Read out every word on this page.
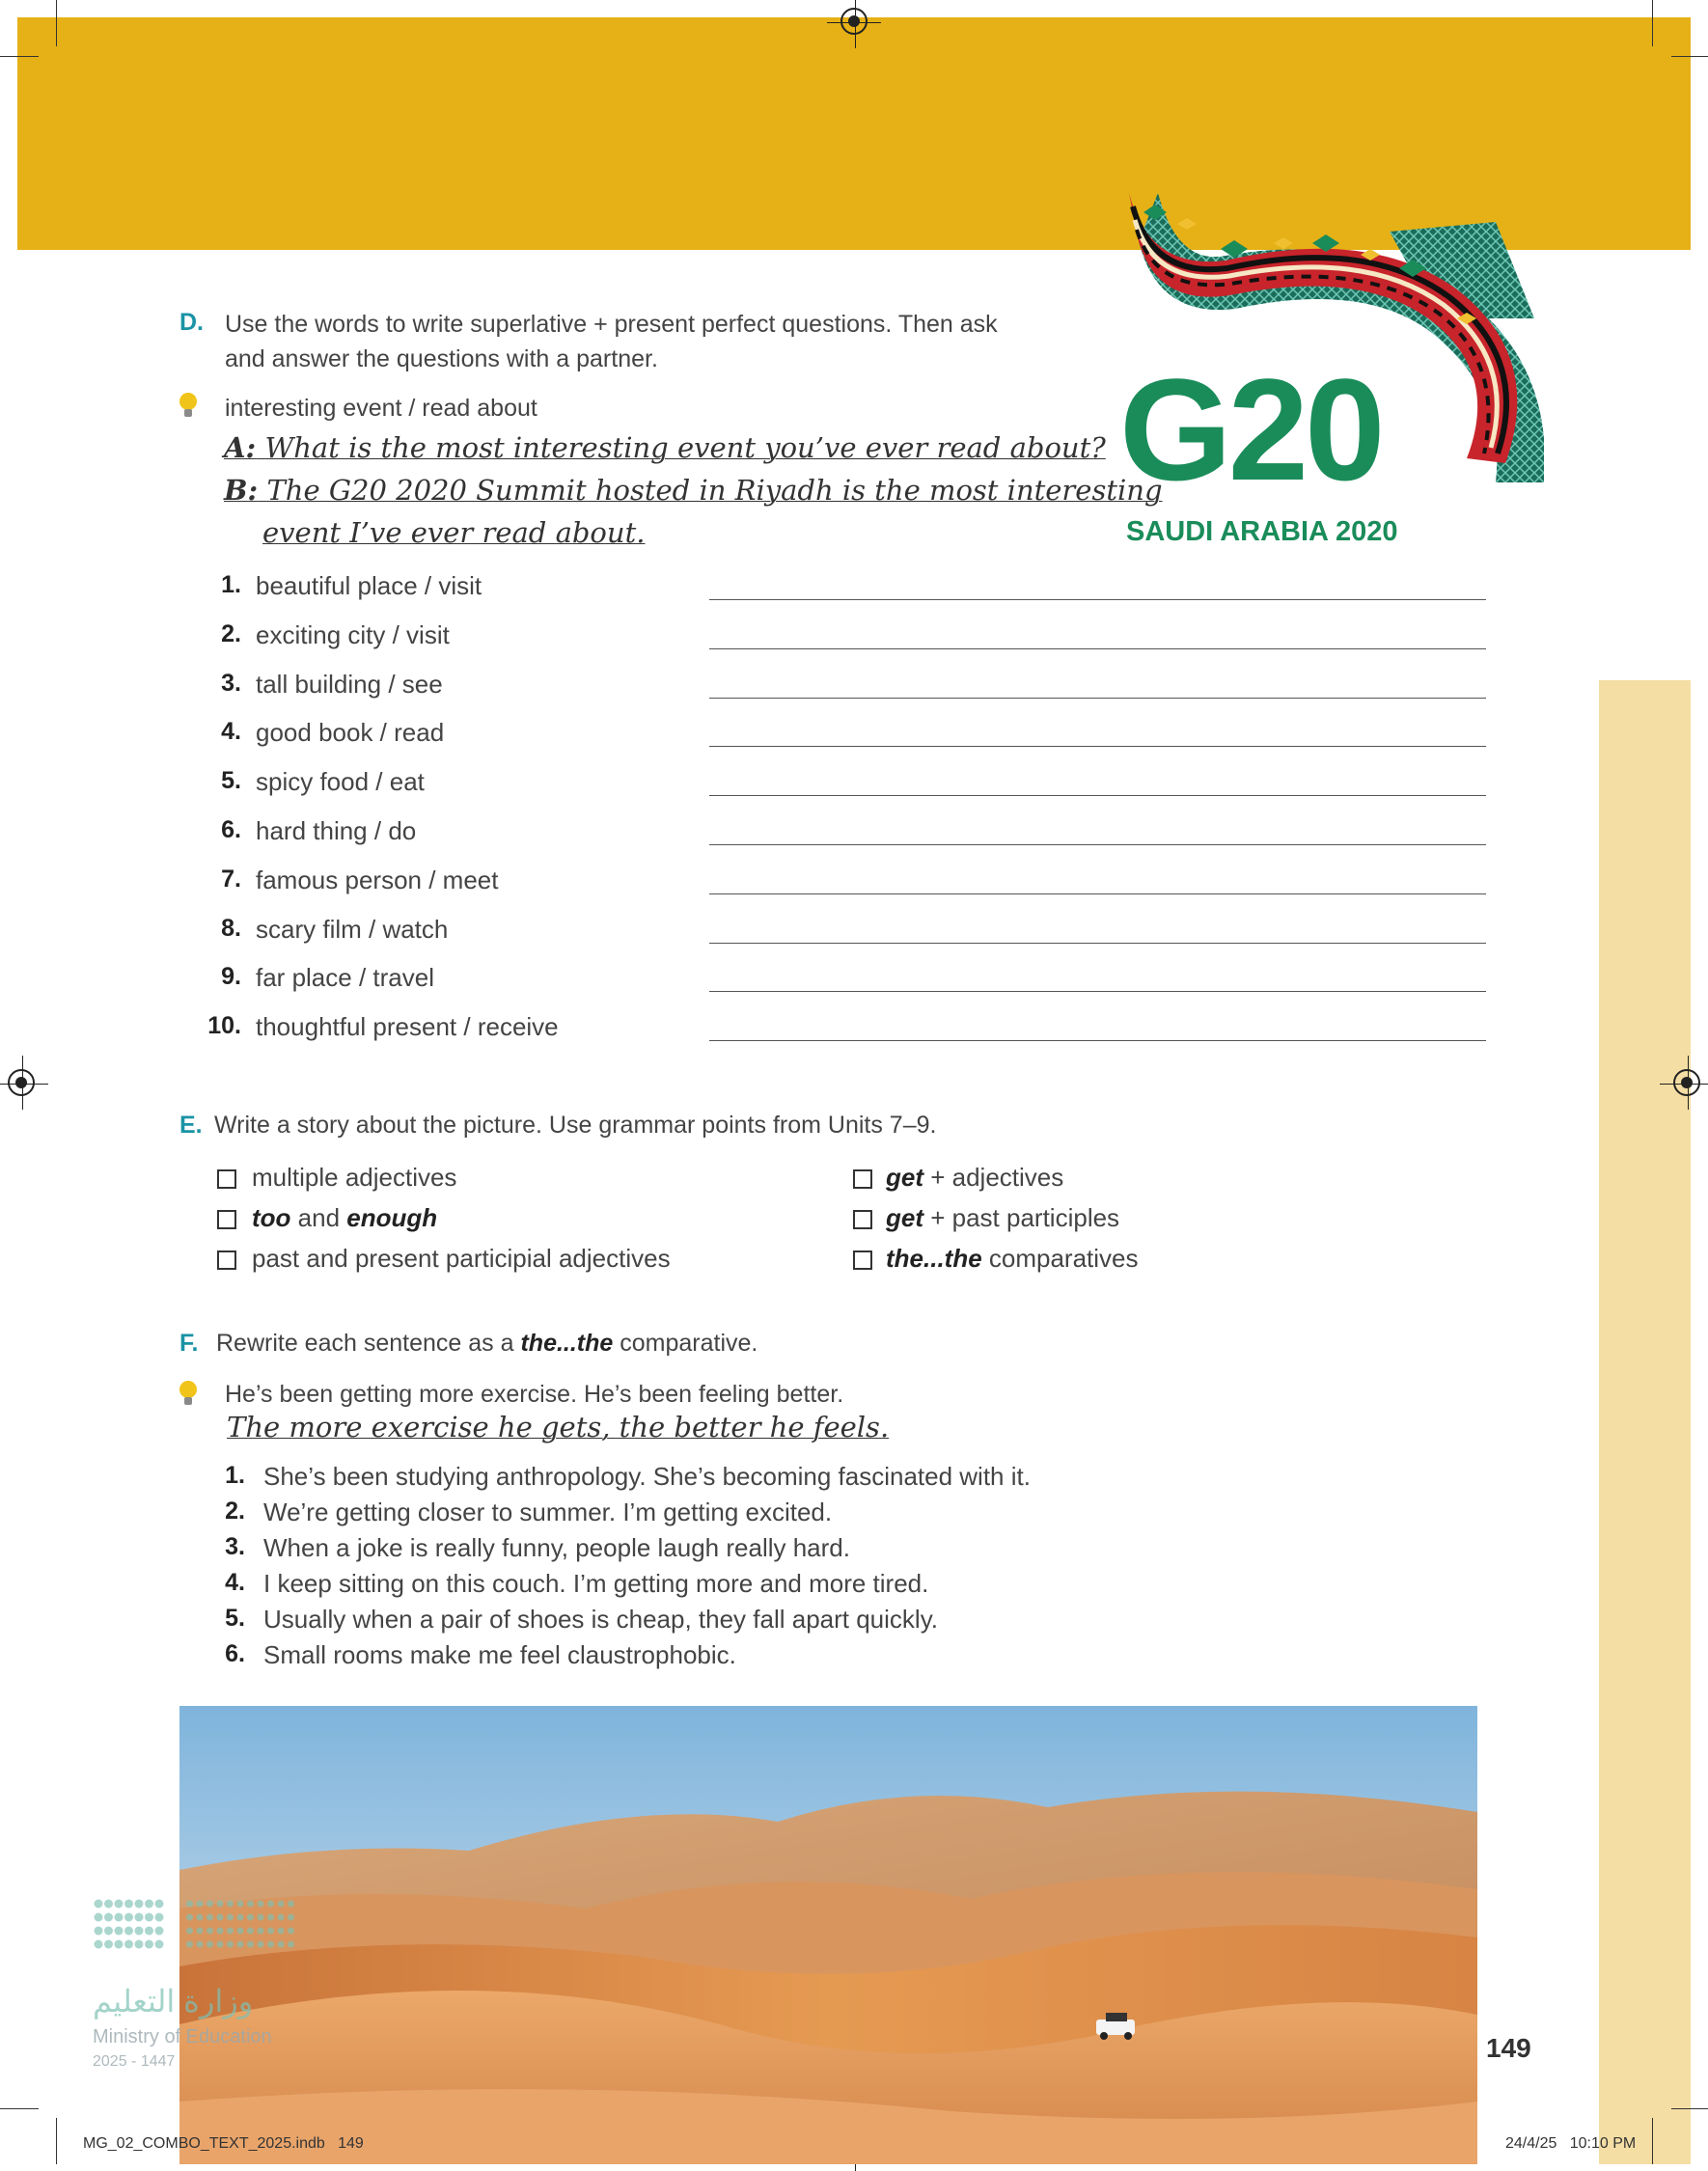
G20
SAUDI ARABIA 2020
D. Use the words to write superlative + present perfect questions. Then ask
and answer the questions with a partner.
interesting event / read about
A: What is the most interesting event you’ve ever read about?
B: The G20 2020 Summit hosted in Riyadh is the most interesting
event I’ve ever read about.
1. beautiful place / visit
2. exciting city / visit
3. tall building / see
4. good book / read
5. spicy food / eat
6. hard thing / do
7. famous person / meet
8. scary film / watch
9. far place / travel
10. thoughtful present / receive
E. Write a story about the picture. Use grammar points from Units 7–9.
multiple adjectives
too and enough
past and present participial adjectives
get + adjectives
get + past participles
the...the comparatives
F. Rewrite each sentence as a the...the comparative.
He’s been getting more exercise. He’s been feeling better.
The more exercise he gets, the better he feels.
1. She’s been studying anthropology. She’s becoming fascinated with it.
2. We’re getting closer to summer. I’m getting excited.
3. When a joke is really funny, people laugh really hard.
4. I keep sitting on this couch. I’m getting more and more tired.
5. Usually when a pair of shoes is cheap, they fall apart quickly.
6. Small rooms make me feel claustrophobic.
وزارة التعليم
Ministry of Education
2025 - 1447	149
MG_02_COMBO_TEXT_2025.indb   149	24/4/25   10:10 PM
